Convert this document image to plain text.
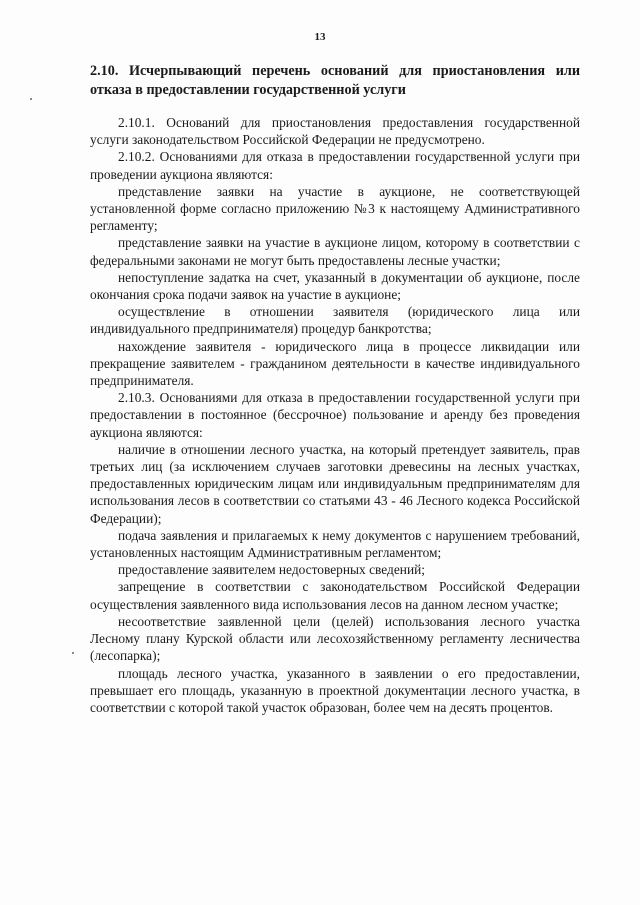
13
2.10. Исчерпывающий перечень оснований для приостановления или отказа в предоставлении государственной услуги

2.10.1. Оснований для приостановления предоставления государственной услуги законодательством Российской Федерации не предусмотрено.

2.10.2. Основаниями для отказа в предоставлении государственной услуги при проведении аукциона являются:

представление заявки на участие в аукционе, не соответствующей установленной форме согласно приложению №3 к настоящему Административного регламенту;

представление заявки на участие в аукционе лицом, которому в соответствии с федеральными законами не могут быть предоставлены лесные участки;

непоступление задатка на счет, указанный в документации об аукционе, после окончания срока подачи заявок на участие в аукционе;

осуществление в отношении заявителя (юридического лица или индивидуального предпринимателя) процедур банкротства;

нахождение заявителя - юридического лица в процессе ликвидации или прекращение заявителем - гражданином деятельности в качестве индивидуального предпринимателя.

2.10.3. Основаниями для отказа в предоставлении государственной услуги при предоставлении в постоянное (бессрочное) пользование и аренду без проведения аукциона являются:

наличие в отношении лесного участка, на который претендует заявитель, прав третьих лиц (за исключением случаев заготовки древесины на лесных участках, предоставленных юридическим лицам или индивидуальным предпринимателям для использования лесов в соответствии со статьями 43 - 46 Лесного кодекса Российской Федерации);

подача заявления и прилагаемых к нему документов с нарушением требований, установленных настоящим Административным регламентом;

предоставление заявителем недостоверных сведений;

запрещение в соответствии с законодательством Российской Федерации осуществления заявленного вида использования лесов на данном лесном участке;

несоответствие заявленной цели (целей) использования лесного участка Лесному плану Курской области или лесохозяйственному регламенту лесничества (лесопарка);

площадь лесного участка, указанного в заявлении о его предоставлении, превышает его площадь, указанную в проектной документации лесного участка, в соответствии с которой такой участок образован, более чем на десять процентов.
